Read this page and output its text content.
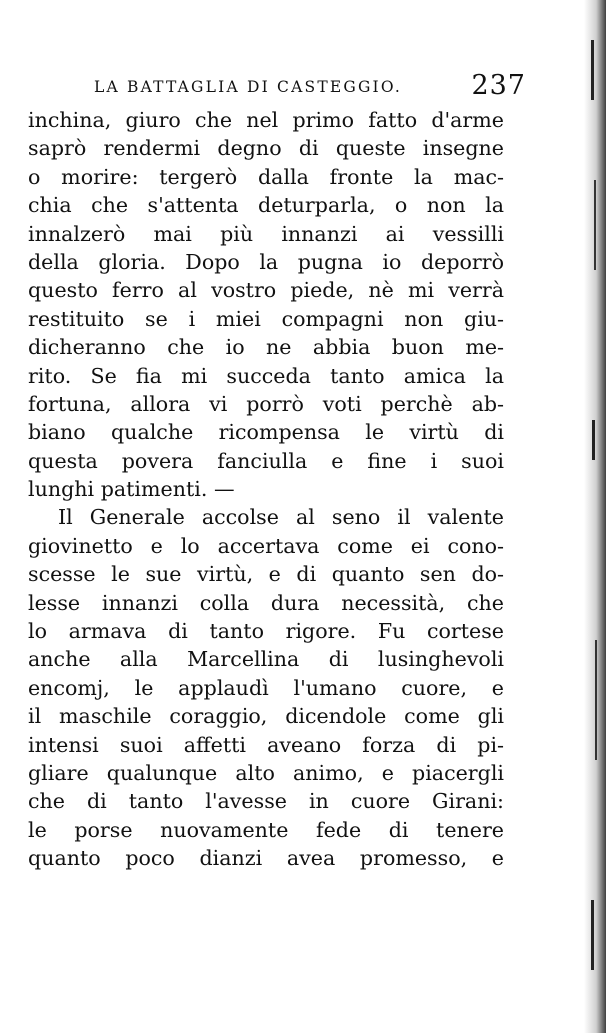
LA BATTAGLIA DI CASTEGGIO.	237
inchina, giuro che nel primo fatto d'arme
saprò rendermi degno di queste insegne
o morire: tergerò dalla fronte la mac-
chia che s'attenta deturparla, o non la
innalzerò mai più innanzi ai vessilli
della gloria. Dopo la pugna io deporrò
questo ferro al vostro piede, nè mi verrà
restituito se i miei compagni non giu-
dicheranno che io ne abbia buon me-
rito. Se fia mi succeda tanto amica la
fortuna, allora vi porrò voti perchè ab-
biano qualche ricompensa le virtù di
questa povera fanciulla e fine i suoi
lunghi patimenti. —
Il Generale accolse al seno il valente
giovinetto e lo accertava come ei cono-
scesse le sue virtù, e di quanto sen do-
lesse innanzi colla dura necessità, che
lo armava di tanto rigore. Fu cortese
anche alla Marcellina di lusinghevoli
encomj, le applaudì l'umano cuore, e
il maschile coraggio, dicendole come gli
intensi suoi affetti aveano forza di pi-
gliare qualunque alto animo, e piacergli
che di tanto l'avesse in cuore Girani:
le porse nuovamente fede di tenere
quanto poco dianzi avea promesso, e
